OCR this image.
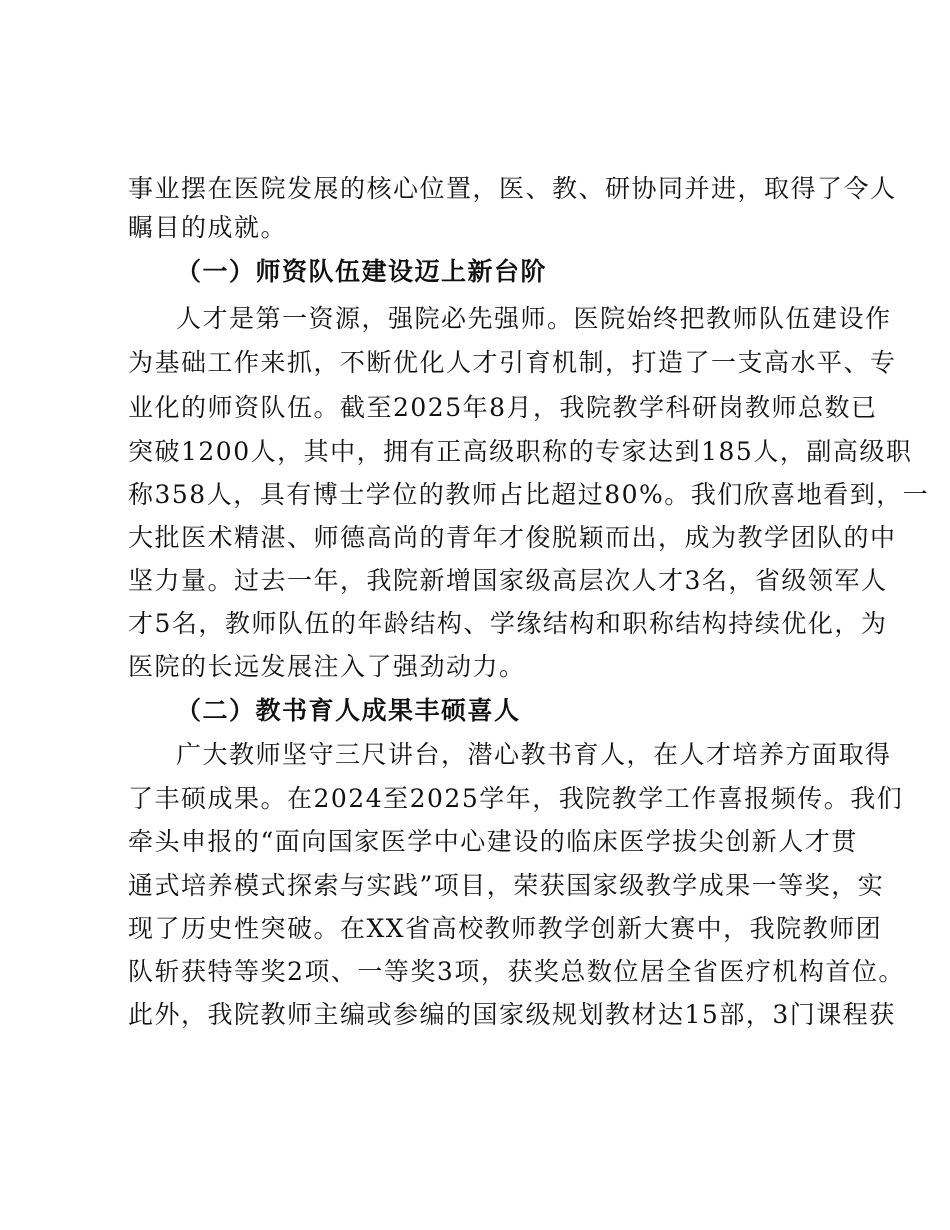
事业摆在医院发展的核心位置，医、教、研协同并进，取得了令人
瞩目的成就。
（一）师资队伍建设迈上新台阶
人才是第一资源，强院必先强师。医院始终把教师队伍建设作
为基础工作来抓，不断优化人才引育机制，打造了一支高水平、专
业化的师资队伍。截至2025年8月，我院教学科研岗教师总数已
突破1200人，其中，拥有正高级职称的专家达到185人，副高级职
称358人，具有博士学位的教师占比超过80%。我们欣喜地看到，一
大批医术精湛、师德高尚的青年才俊脱颖而出，成为教学团队的中
坚力量。过去一年，我院新增国家级高层次人才3名，省级领军人
才5名，教师队伍的年龄结构、学缘结构和职称结构持续优化，为
医院的长远发展注入了强劲动力。
（二）教书育人成果丰硕喜人
广大教师坚守三尺讲台，潜心教书育人，在人才培养方面取得
了丰硕成果。在2024至2025学年，我院教学工作喜报频传。我们
牵头申报的“面向国家医学中心建设的临床医学拔尖创新人才贯
通式培养模式探索与实践”项目，荣获国家级教学成果一等奖，实
现了历史性突破。在XX省高校教师教学创新大赛中，我院教师团
队斩获特等奖2项、一等奖3项，获奖总数位居全省医疗机构首位。
此外，我院教师主编或参编的国家级规划教材达15部，3门课程获
